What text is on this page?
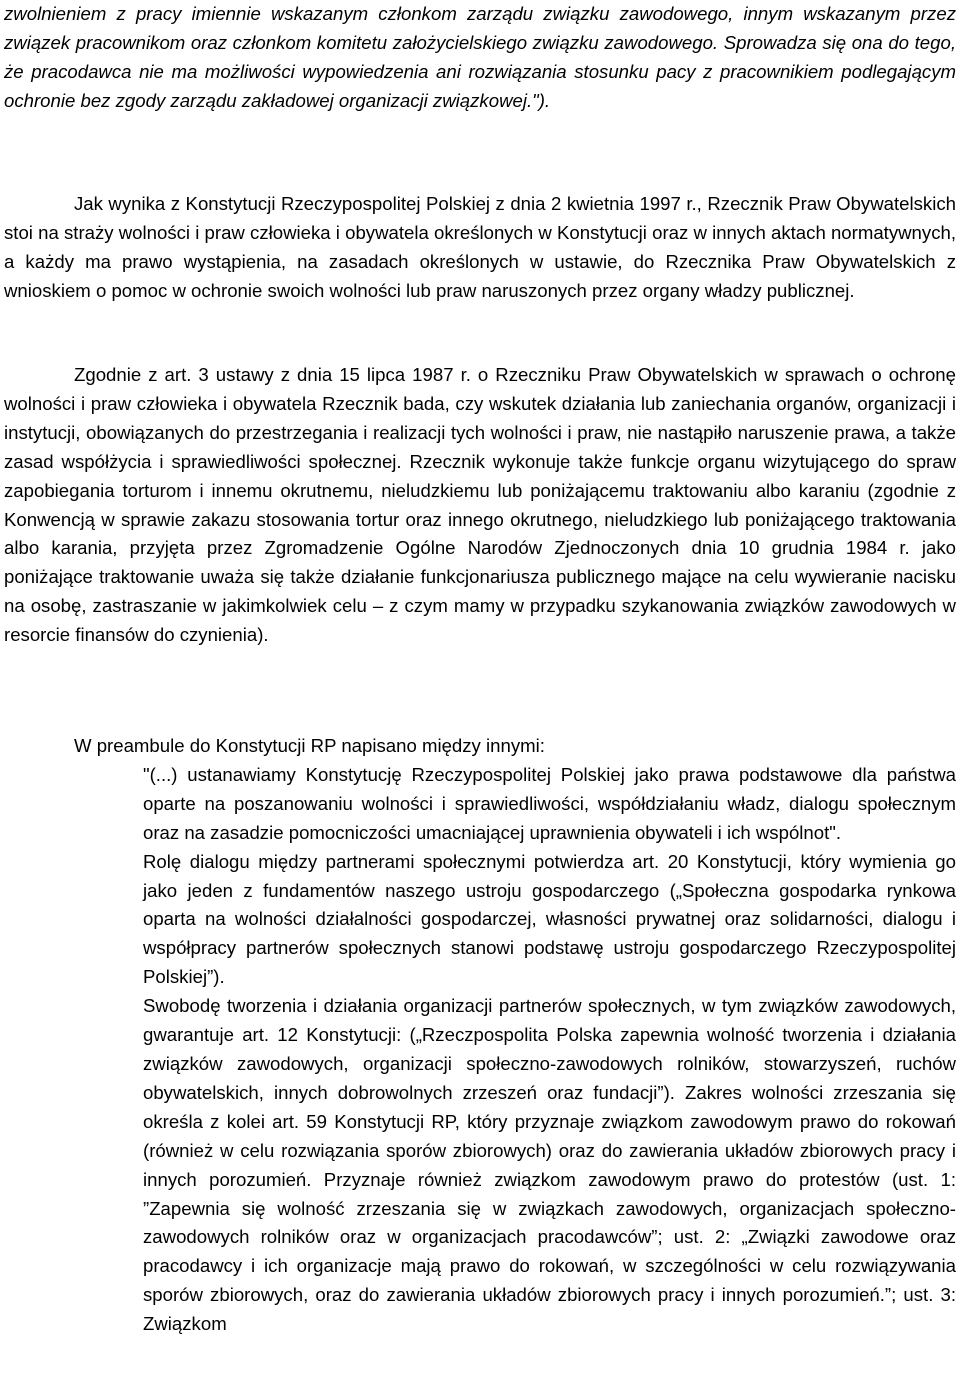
zwolnieniem z pracy imiennie wskazanym członkom zarządu związku zawodowego, innym wskazanym przez związek pracownikom oraz członkom komitetu założycielskiego związku zawodowego. Sprowadza się ona do tego, że pracodawca nie ma możliwości wypowiedzenia ani rozwiązania stosunku pacy z pracownikiem podlegającym ochronie bez zgody zarządu zakładowej organizacji związkowej.").

Jak wynika z Konstytucji Rzeczypospolitej Polskiej z dnia 2 kwietnia 1997 r., Rzecznik Praw Obywatelskich stoi na straży wolności i praw człowieka i obywatela określonych w Konstytucji oraz w innych aktach normatywnych, a każdy ma prawo wystąpienia, na zasadach określonych w ustawie, do Rzecznika Praw Obywatelskich z wnioskiem o pomoc w ochronie swoich wolności lub praw naruszonych przez organy władzy publicznej.

Zgodnie z art. 3 ustawy z dnia 15 lipca 1987 r. o Rzeczniku Praw Obywatelskich w sprawach o ochronę wolności i praw człowieka i obywatela Rzecznik bada, czy wskutek działania lub zaniechania organów, organizacji i instytucji, obowiązanych do przestrzegania i realizacji tych wolności i praw, nie nastąpiło naruszenie prawa, a także zasad współżycia i sprawiedliwości społecznej. Rzecznik wykonuje także funkcje organu wizytującego do spraw zapobiegania torturom i innemu okrutnemu, nieludzkiemu lub poniżającemu traktowaniu albo karaniu (zgodnie z Konwencją w sprawie zakazu stosowania tortur oraz innego okrutnego, nieludzkiego lub poniżającego traktowania albo karania, przyjęta przez Zgromadzenie Ogólne Narodów Zjednoczonych dnia 10 grudnia 1984 r. jako poniżające traktowanie uważa się także działanie funkcjonariusza publicznego mające na celu wywieranie nacisku na osobę, zastraszanie w jakimkolwiek celu – z czym mamy w przypadku szykanowania związków zawodowych w resorcie finansów do czynienia).

W preambule do Konstytucji RP napisano między innymi:

"(...) ustanawiamy Konstytucję Rzeczypospolitej Polskiej jako prawa podstawowe dla państwa oparte na poszanowaniu wolności i sprawiedliwości, współdziałaniu władz, dialogu społecznym oraz na zasadzie pomocniczości umacniającej uprawnienia obywateli i ich wspólnot".

Rolę dialogu między partnerami społecznymi potwierdza art. 20 Konstytucji, który wymienia go jako jeden z fundamentów naszego ustroju gospodarczego („Społeczna gospodarka rynkowa oparta na wolności działalności gospodarczej, własności prywatnej oraz solidarności, dialogu i współpracy partnerów społecznych stanowi podstawę ustroju gospodarczego Rzeczypospolitej Polskiej”).

Swobodę tworzenia i działania organizacji partnerów społecznych, w tym związków zawodowych, gwarantuje art. 12 Konstytucji: („Rzeczpospolita Polska zapewnia wolność tworzenia i działania związków zawodowych, organizacji społeczno-zawodowych rolników, stowarzyszeń, ruchów obywatelskich, innych dobrowolnych zrzeszeń oraz fundacji”). Zakres wolności zrzeszania się określa z kolei art. 59 Konstytucji RP, który przyznaje związkom zawodowym prawo do rokowań (również w celu rozwiązania sporów zbiorowych) oraz do zawierania układów zbiorowych pracy i innych porozumień. Przyznaje również związkom zawodowym prawo do protestów (ust. 1: ”Zapewnia się wolność zrzeszania się w związkach zawodowych, organizacjach społeczno-zawodowych rolników oraz w organizacjach pracodawców”; ust. 2: „Związki zawodowe oraz pracodawcy i ich organizacje mają prawo do rokowań, w szczególności w celu rozwiązywania sporów zbiorowych, oraz do zawierania układów zbiorowych pracy i innych porozumień.”; ust. 3: Związkom
